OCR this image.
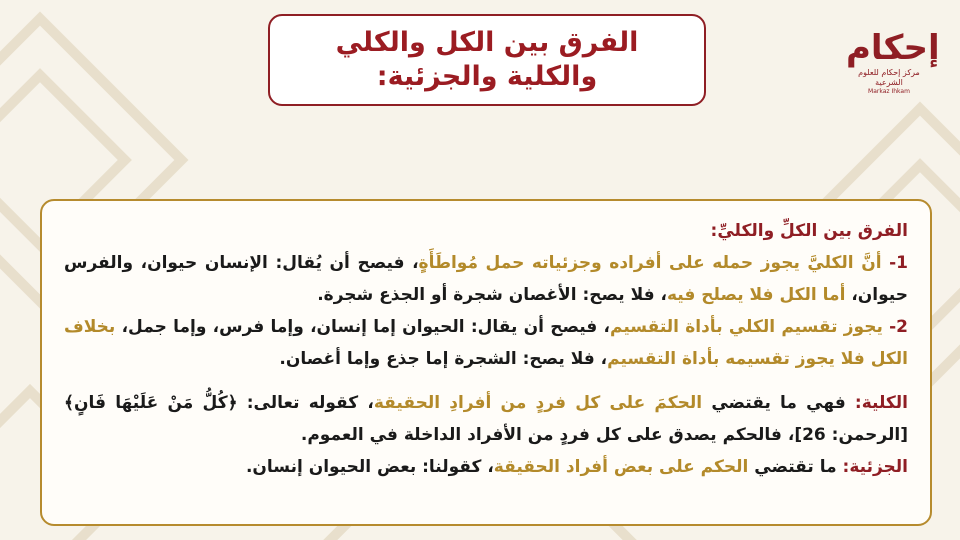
الفرق بين الكل والكلي
والكلية والجزئية:
إحكام
مركز إحكام للعلوم الشرعية
Markaz Ihkam

الفرق بين الكلِّ والكليِّ:

1- أنَّ الكليَّ يجوز حمله على أفراده وجزئياته حمل مُواطَأَةٍ، فيصح أن يُقال: الإنسان حيوان، والفرس حيوان، أما الكل فلا يصلح فيه، فلا يصح: الأغصان شجرة أو الجذع شجرة.

2- يجوز تقسيم الكلي بأداة التقسيم، فيصح أن يقال: الحيوان إما إنسان، وإما فرس، وإما جمل، بخلاف الكل فلا يجوز تقسيمه بأداة التقسيم، فلا يصح: الشجرة إما جذع وإما أغصان.

الكلية: فهي ما يقتضي الحكمَ على كل فردٍ من أفرادِ الحقيقة، كقوله تعالى: ﴿كُلُّ مَنْ عَلَيْهَا فَانٍ﴾ [الرحمن: 26]، فالحكم يصدق على كل فردٍ من الأفراد الداخلة في العموم.

الجزئية: ما تقتضي الحكم على بعض أفراد الحقيقة، كقولنا: بعض الحيوان إنسان.
